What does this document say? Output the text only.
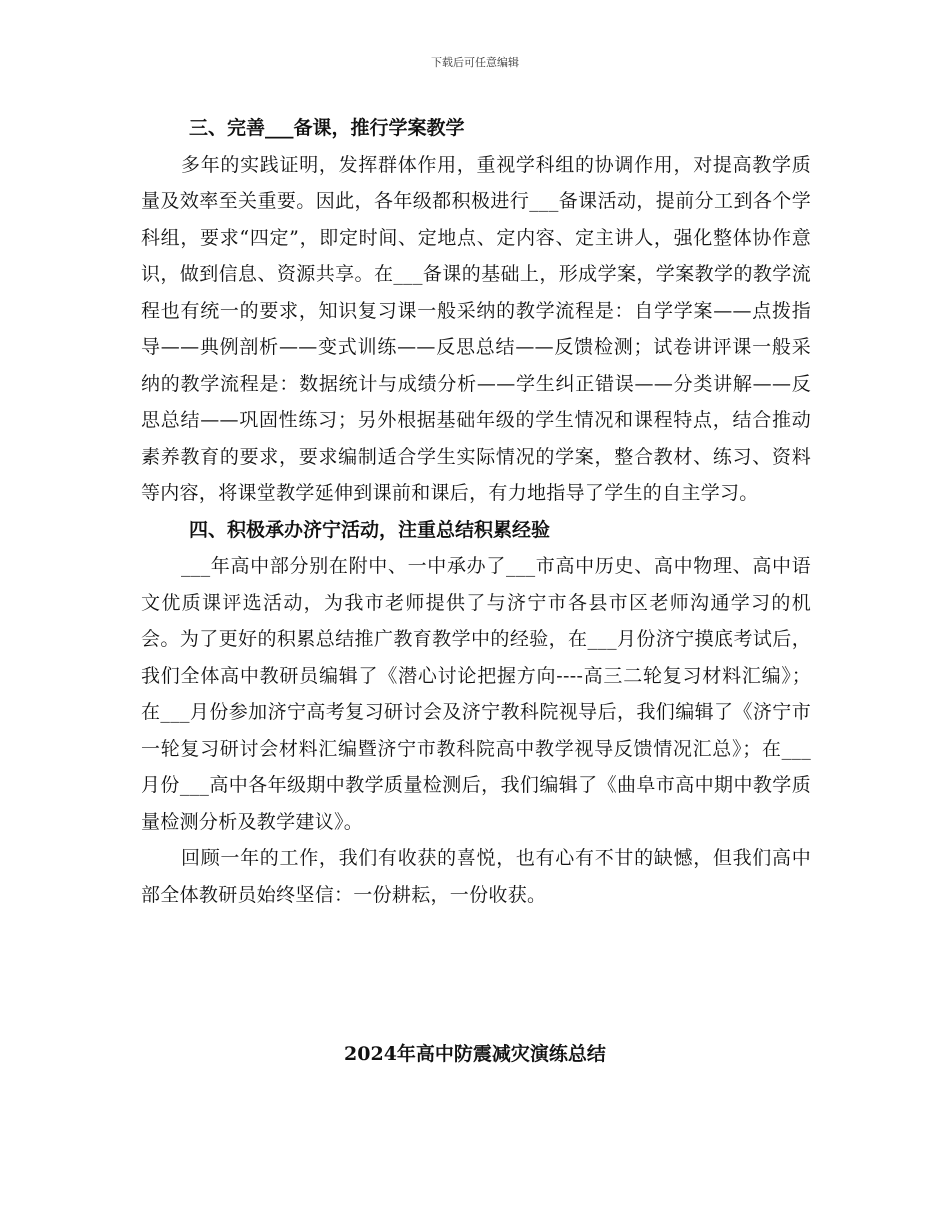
下载后可任意编辑

三、完善___备课，推行学案教学

多年的实践证明，发挥群体作用，重视学科组的协调作用，对提高教学质量及效率至关重要。因此，各年级都积极进行___备课活动，提前分工到各个学科组，要求“四定”，即定时间、定地点、定内容、定主讲人，强化整体协作意识，做到信息、资源共享。在___备课的基础上，形成学案，学案教学的教学流程也有统一的要求，知识复习课一般采纳的教学流程是：自学学案——点拨指导——典例剖析——变式训练——反思总结——反馈检测；试卷讲评课一般采纳的教学流程是：数据统计与成绩分析——学生纠正错误——分类讲解——反思总结——巩固性练习；另外根据基础年级的学生情况和课程特点，结合推动素养教育的要求，要求编制适合学生实际情况的学案，整合教材、练习、资料等内容，将课堂教学延伸到课前和课后，有力地指导了学生的自主学习。

四、积极承办济宁活动，注重总结积累经验

___年高中部分别在附中、一中承办了___市高中历史、高中物理、高中语文优质课评选活动，为我市老师提供了与济宁市各县市区老师沟通学习的机会。为了更好的积累总结推广教育教学中的经验，在___月份济宁摸底考试后，我们全体高中教研员编辑了《潜心讨论把握方向----高三二轮复习材料汇编》；在___月份参加济宁高考复习研讨会及济宁教科院视导后，我们编辑了《济宁市一轮复习研讨会材料汇编暨济宁市教科院高中教学视导反馈情况汇总》；在___月份___高中各年级期中教学质量检测后，我们编辑了《曲阜市高中期中教学质量检测分析及教学建议》。

回顾一年的工作，我们有收获的喜悦，也有心有不甘的缺憾，但我们高中部全体教研员始终坚信：一份耕耘，一份收获。

2024年高中防震减灾演练总结
